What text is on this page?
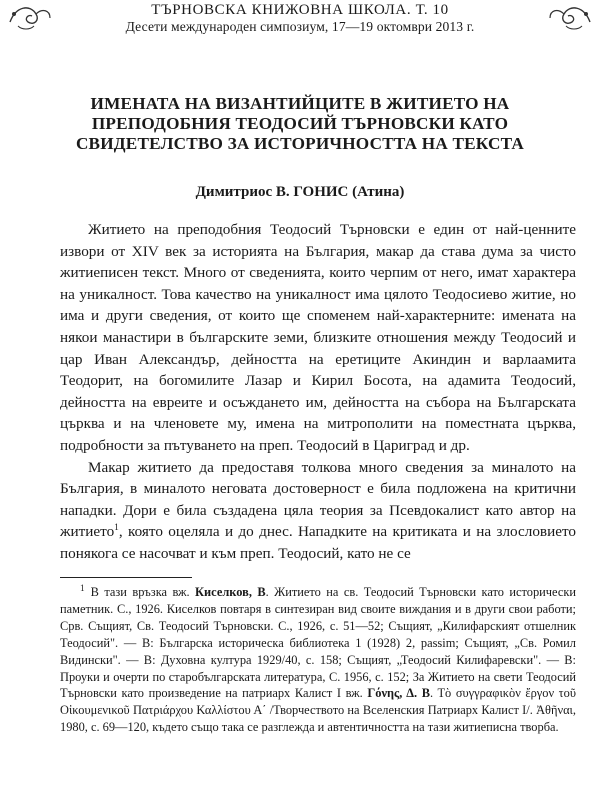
ТЪРНОВСКА КНИЖОВНА ШКОЛА. Т. 10
Десети международен симпозиум, 17—19 октомври 2013 г.
ИМЕНАТА НА ВИЗАНТИЙЦИТЕ В ЖИТИЕТО НА
ПРЕПОДОБНИЯ ТЕОДОСИЙ ТЪРНОВСКИ КАТО
СВИДЕТЕЛСТВО ЗА ИСТОРИЧНОСТТА НА ТЕКСТА
Димитриос В. ГОНИС (Атина)

Житието на преподобния Теодосий Търновски е един от най-ценните извори от XIV век за историята на България, макар да става дума за чисто житиеписен текст. Много от сведенията, които черпим от него, имат характера на уникалност. Това качество на уникалност има цялото Теодосиево житие, но има и други сведения, от които ще споменем най-характерните: имената на някои манастири в българските земи, близките отношения между Теодосий и цар Иван Александър, дейността на еретиците Акиндин и варлаамита Теодорит, на богомилите Лазар и Кирил Босота, на адамита Теодосий, дейността на евреите и осъждането им, дейността на събора на Българската църква и на членовете му, имена на митрополити на поместната църква, подробности за пътуването на преп. Теодосий в Цариград и др.

Макар житието да предоставя толкова много сведения за миналото на България, в миналото неговата достоверност е била подложена на критични нападки. Дори е била създадена цяла теория за Псевдокалист като автор на житието$^1$, която оцеляла и до днес. Нападките на критиката и на злословието понякога се насочват и към преп. Теодосий, като не се

$^1$ В тази връзка вж. Киселков, В. Житието на св. Теодосий Търновски като исторически паметник. С., 1926. Киселков повтаря в синтезиран вид своите виждания и в други свои работи; Срв. Същият, Св. Теодосий Търновски. С., 1926, с. 51—52; Същият, „Килифарският отшелник Теодосий". — В: Българска историческа библиотека 1 (1928) 2, passim; Същият, „Св. Ромил Видински". — В: Духовна култура 1929/40, с. 158; Същият, „Теодосий Килифаревски". — В: Проуки и очерти по старобългарската литература, С. 1956, с. 152; За Житието на свети Теодосий Търновски като произведение на патриарх Калист I вж. Γόνης, Δ. Β. Τὸ συγγραφικὸν ἔργον τοῦ Οἰκουμενικοῦ Πατριάρχου Καλλίστου Α΄ /Творчеството на Вселенския Патриарх Калист I/. Ἀθῆναι, 1980, с. 69—120, където също така се разглежда и автентичността на тази житиеписна творба.
